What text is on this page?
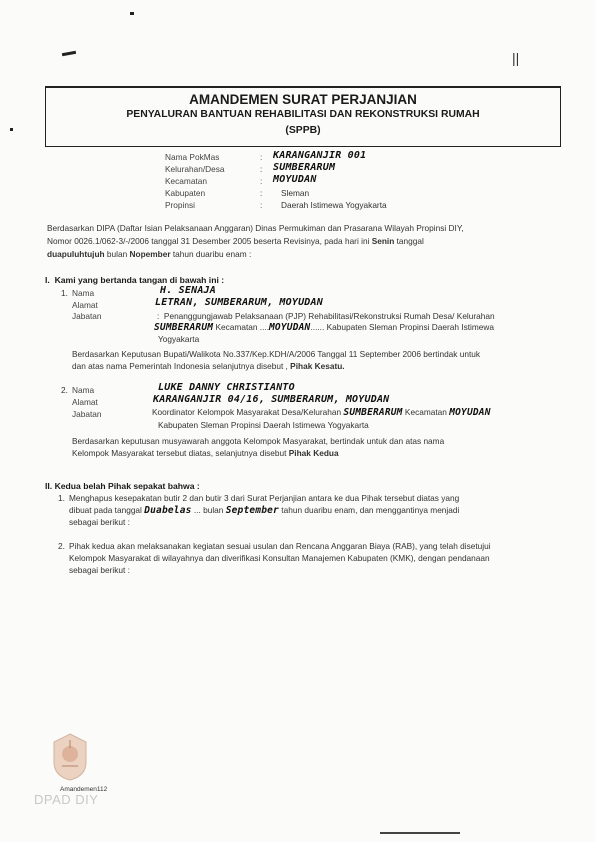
||
AMANDEMEN SURAT PERJANJIAN
PENYALURAN BANTUAN REHABILITASI DAN REKONSTRUKSI RUMAH
(SPPB)
Nama PokMas	: KARANGANJIR 001
Kelurahan/Desa	: SUMBERARUM
Kecamatan	: MOYUDAN
Kabupaten	: Sleman
Propinsi	: Daerah Istimewa Yogyakarta
Berdasarkan DIPA (Daftar Isian Pelaksanaan Anggaran) Dinas Permukiman dan Prasarana Wilayah Propinsi DIY,
Nomor 0026.1/062-3/-/2006 tanggal 31 Desember 2005 beserta Revisinya, pada hari ini Senin tanggal
duapuluhtujuh bulan Nopember tahun duaribu enam :
I. Kami yang bertanda tangan di bawah ini :
1. Nama	H. SENAJA
Alamat	LETRAN, SUMBERARUM, MOYUDAN
Jabatan	:  Penanggungjawab Pelaksanaan (PJP) Rehabilitasi/Rekonstruksi Rumah Desa/ Kelurahan
SUMBERARUM Kecamatan ....MOYUDAN...... Kabupaten Sleman Propinsi Daerah Istimewa
Yogyakarta
Berdasarkan Keputusan Bupati/Walikota No.337/Kep.KDH/A/2006 Tanggal 11 September 2006 bertindak untuk
dan atas nama Pemerintah Indonesia selanjutnya disebut , Pihak Kesatu.
2. Nama	LUKE DANNY CHRISTIANTO
Alamat	KARANGANJIR 04/16, SUMBERARUM, MOYUDAN
Jabatan	Koordinator Kelompok Masyarakat Desa/Kelurahan SUMBERARUM Kecamatan MOYUDAN
Kabupaten Sleman Propinsi Daerah Istimewa Yogyakarta
Berdasarkan keputusan musyawarah anggota Kelompok Masyarakat, bertindak untuk dan atas nama
Kelompok Masyarakat tersebut diatas, selanjutnya disebut Pihak Kedua
II. Kedua belah Pihak sepakat bahwa :
1. Menghapus kesepakatan butir 2 dan butir 3 dari Surat Perjanjian antara ke dua Pihak tersebut diatas yang
dibuat pada tanggal Duabelas ... bulan September tahun duaribu enam, dan menggantinya menjadi
sebagai berikut :
2. Pihak kedua akan melaksanakan kegiatan sesuai usulan dan Rencana Anggaran Biaya (RAB), yang telah disetujui
Kelompok Masyarakat di wilayahnya dan diverifikasi Konsultan Manajemen Kabupaten (KMK), dengan pendanaan
sebagai berikut :
Amandemen112
DPAD DIY
